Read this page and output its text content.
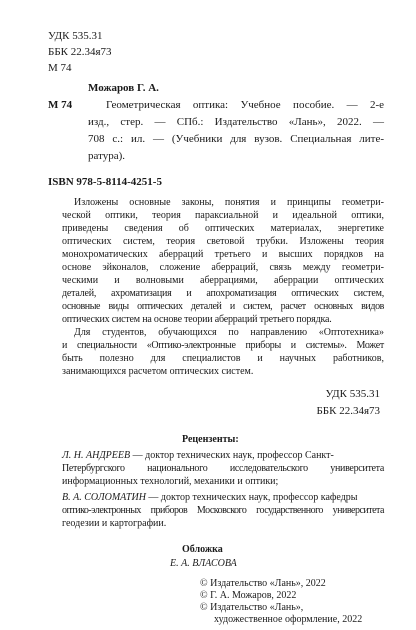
УДК 535.31
ББК 22.34я73
М 74
Можаров Г. А.
М 74	Геометрическая оптика: Учебное пособие. — 2-е
изд., стер. — СПб.: Издательство «Лань», 2022. —
708 с.: ил. — (Учебники для вузов. Специальная лите-
ратура).
ISBN 978-5-8114-4251-5
Изложены основные законы, понятия и принципы геометри-
ческой оптики, теория параксиальной и идеальной оптики,
приведены сведения об оптических материалах, энергетике
оптических систем, теория световой трубки. Изложены теория
монохроматических аберраций третьего и высших порядков на
основе эйконалов, сложение аберраций, связь между геометри-
ческими и волновыми аберрациями, аберрации оптических
деталей, ахроматизация и апохроматизация оптических систем,
основные виды оптических деталей и систем, расчет основных видов
оптических систем на основе теории аберраций третьего порядка.
Для студентов, обучающихся по направлению «Оптотехника»
и специальности «Оптико-электронные приборы и системы». Может
быть полезно для специалистов и научных работников,
занимающихся расчетом оптических систем.
УДК 535.31
ББК 22.34я73
Рецензенты:
Л. Н. АНДРЕЕВ — доктор технических наук, профессор Санкт-
Петербургского национального исследовательского университета
информационных технологий, механики и оптики;
В. А. СОЛОМАТИН — доктор технических наук, профессор кафедры
оптико-электронных приборов Московского государственного университета
геодезии и картографии.
Обложка
Е. А. ВЛАСОВА
© Издательство «Лань», 2022
© Г. А. Можаров, 2022
© Издательство «Лань»,
художественное оформление, 2022
